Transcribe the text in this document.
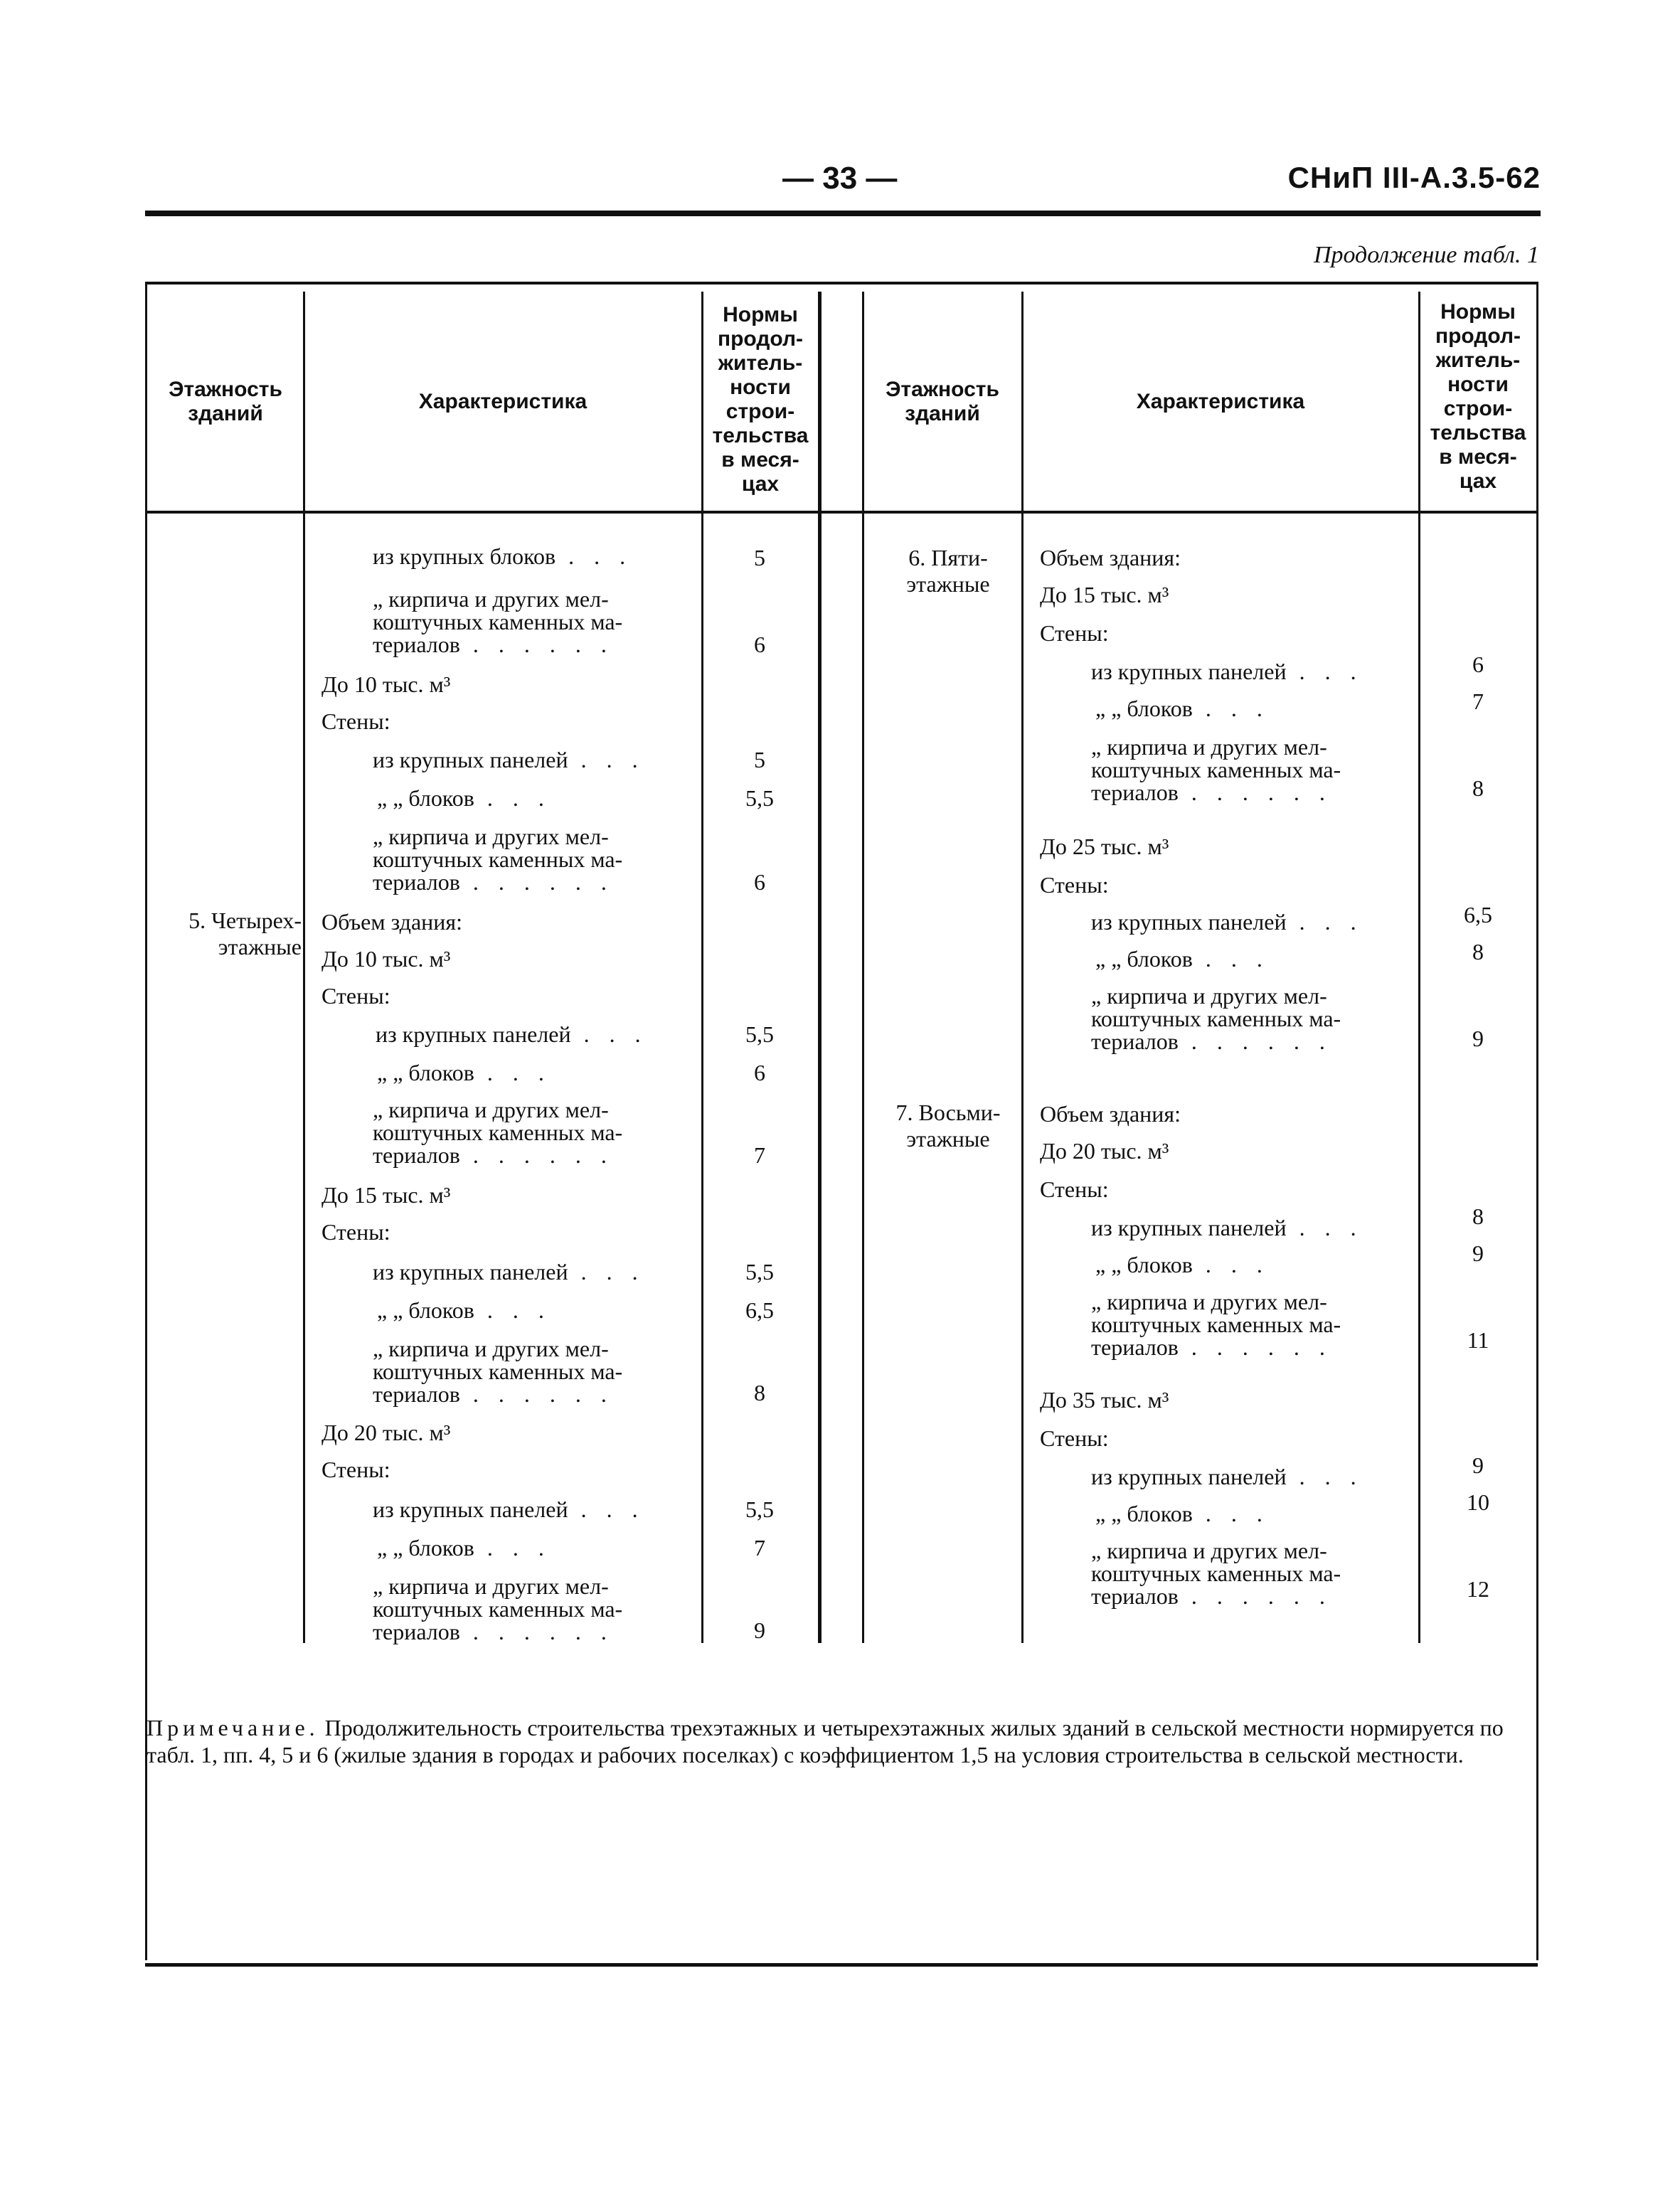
— 33 —	СНиП III-А.3.5-62
Продолжение табл. 1
Этажность зданий
Характеристика
Нормы продол-житель-ности строи-тельства в меся-цах
Этажность зданий
Характеристика
Нормы продол-житель-ности строи-тельства в меся-цах
5. Четырех-этажные
6. Пяти-этажные
7. Восьми-этажные
из крупных блоков . . .
„ кирпича и других мел-коштучных каменных ма-териалов . . . . . .
До 10 тыс. м³
Стены:
из крупных панелей . . .
„ „ блоков . . .
„ кирпича и других мел-коштучных каменных ма-териалов . . . . . .
Объем здания:
До 10 тыс. м³
Стены:
из крупных панелей . . .
„ „ блоков . . .
„ кирпича и других мел-коштучных каменных ма-териалов . . . . . .
До 15 тыс. м³
Стены:
из крупных панелей . . .
„ „ блоков . . .
„ кирпича и других мел-коштучных каменных ма-териалов . . . . . .
До 20 тыс. м³
Стены:
из крупных панелей . . .
„ „ блоков . . .
„ кирпича и других мел-коштучных каменных ма-териалов . . . . . .
5
6
5
5,5
6
5,5
6
7
5,5
6,5
8
5,5
7
9
Объем здания:
До 15 тыс. м³
Стены:
из крупных панелей . . .
„ „ блоков . . .
„ кирпича и других мел-коштучных каменных ма-териалов . . . . . .
До 25 тыс. м³
Стены:
из крупных панелей . . .
„ „ блоков . . .
„ кирпича и других мел-коштучных каменных ма-териалов . . . . . .
Объем здания:
До 20 тыс. м³
Стены:
из крупных панелей . . .
„ „ блоков . . .
„ кирпича и других мел-коштучных каменных ма-териалов . . . . . .
До 35 тыс. м³
Стены:
из крупных панелей . . .
„ „ блоков . . .
„ кирпича и других мел-коштучных каменных ма-териалов . . . . . .
6
7
8
6,5
8
9
8
9
11
9
10
12
Примечание. Продолжительность строительства трехэтажных и четырехэтажных жилых зданий в сельской местности нормируется по табл. 1, пп. 4, 5 и 6 (жилые здания в городах и рабочих поселках) с коэффициентом 1,5 на условия строительства в сельской местности.
